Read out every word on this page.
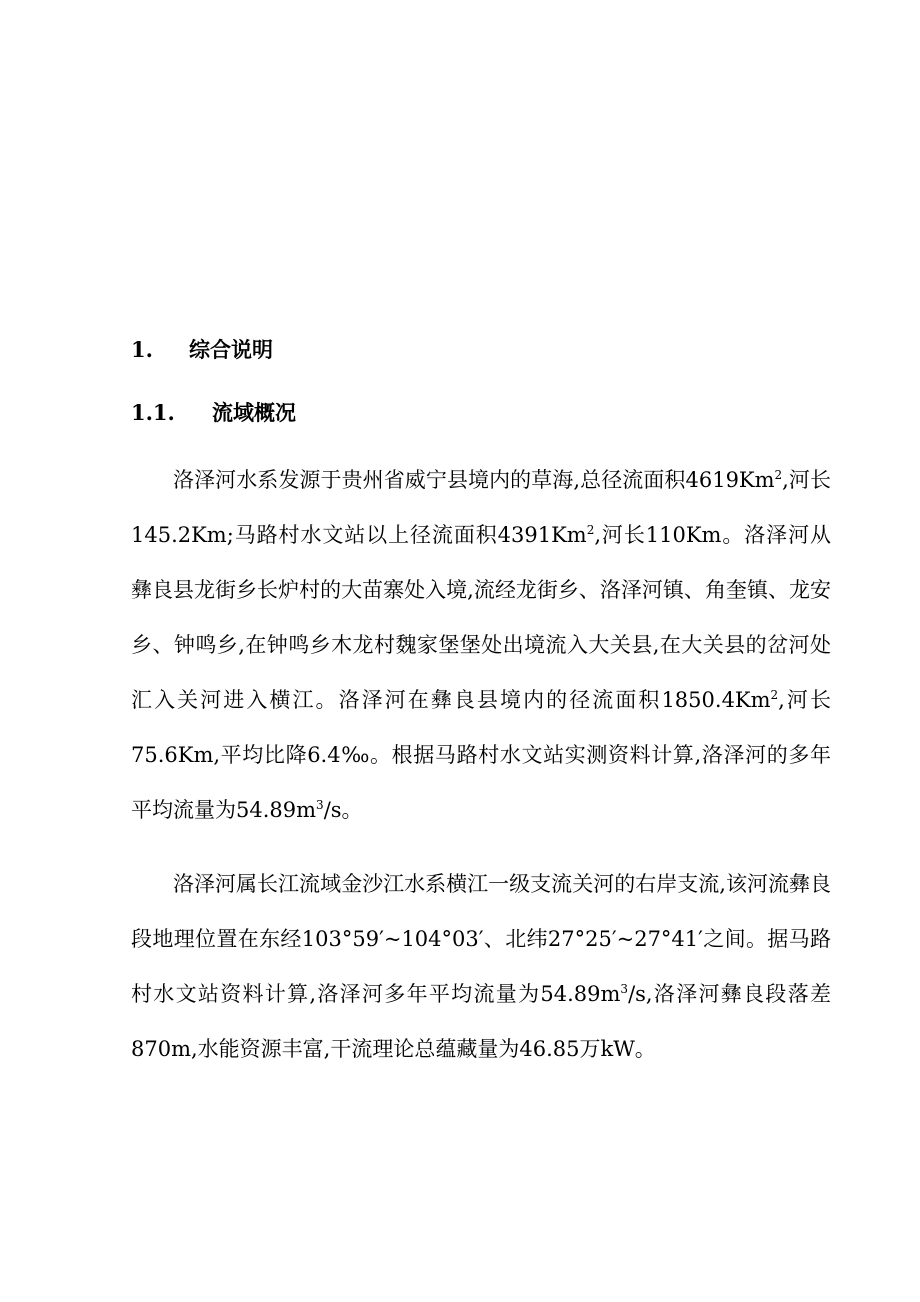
1. 综合说明
1.1. 流域概况

洛泽河水系发源于贵州省威宁县境内的草海,总径流面积4619Km$^2$,河长145.2Km;马路村水文站以上径流面积4391Km$^2$,河长110Km。洛泽河从彝良县龙街乡长炉村的大苗寨处入境,流经龙街乡、洛泽河镇、角奎镇、龙安乡、钟鸣乡,在钟鸣乡木龙村魏家堡堡处出境流入大关县,在大关县的岔河处汇入关河进入横江。洛泽河在彝良县境内的径流面积1850.4Km$^2$,河长75.6Km,平均比降6.4‰。根据马路村水文站实测资料计算,洛泽河的多年平均流量为$54.89m^3/s$。

洛泽河属长江流域金沙江水系横江一级支流关河的右岸支流,该河流彝良段地理位置在东经103°59′~104°03′、北纬27°25′~27°41′之间。据马路村水文站资料计算,洛泽河多年平均流量为$54.89m^3/s$,洛泽河彝良段落差870m,水能资源丰富,干流理论总蕴藏量为46.85万kW。
